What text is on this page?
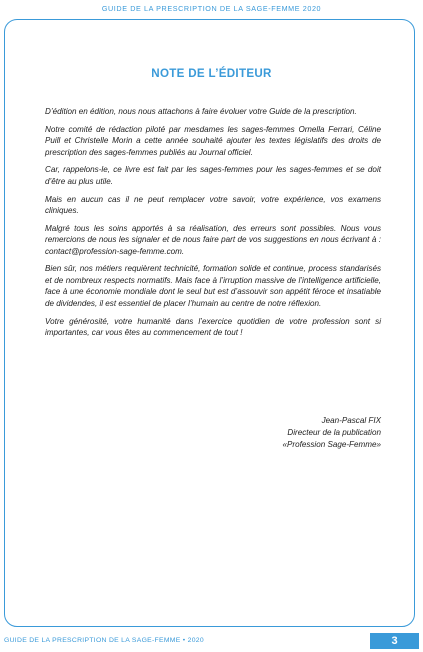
GUIDE DE LA PRESCRIPTION DE LA SAGE-FEMME 2020
NOTE DE L’ÉDITEUR

D’édition en édition, nous nous attachons à faire évoluer votre Guide de la prescription.

Notre comité de rédaction piloté par mesdames les sages-femmes Ornella Ferrari, Céline Puill et Christelle Morin a cette année souhaité ajouter les textes législatifs des droits de prescription des sages-femmes publiés au Journal officiel.

Car, rappelons-le, ce livre est fait par les sages-femmes pour les sages-femmes et se doit d’être au plus utile.

Mais en aucun cas il ne peut remplacer votre savoir, votre expérience, vos examens cliniques.

Malgré tous les soins apportés à sa réalisation, des erreurs sont possibles. Nous vous remercions de nous les signaler et de nous faire part de vos suggestions en nous écrivant à : contact@profession-sage-femme.com.

Bien sûr, nos métiers requièrent technicité, formation solide et continue, process standarisés et de nombreux respects normatifs. Mais face à l’irruption massive de l’intelligence artificielle, face à une économie mondiale dont le seul but est d’assouvir son appétit féroce et insatiable de dividendes, il est essentiel de placer l’humain au centre de notre réflexion.

Votre générosité, votre humanité dans l’exercice quotidien de votre profession sont si importantes, car vous êtes au commencement de tout !

Jean-Pascal FIX
Directeur de la publication
«Profession Sage-Femme»
GUIDE DE LA PRESCRIPTION DE LA SAGE-FEMME • 2020	3
